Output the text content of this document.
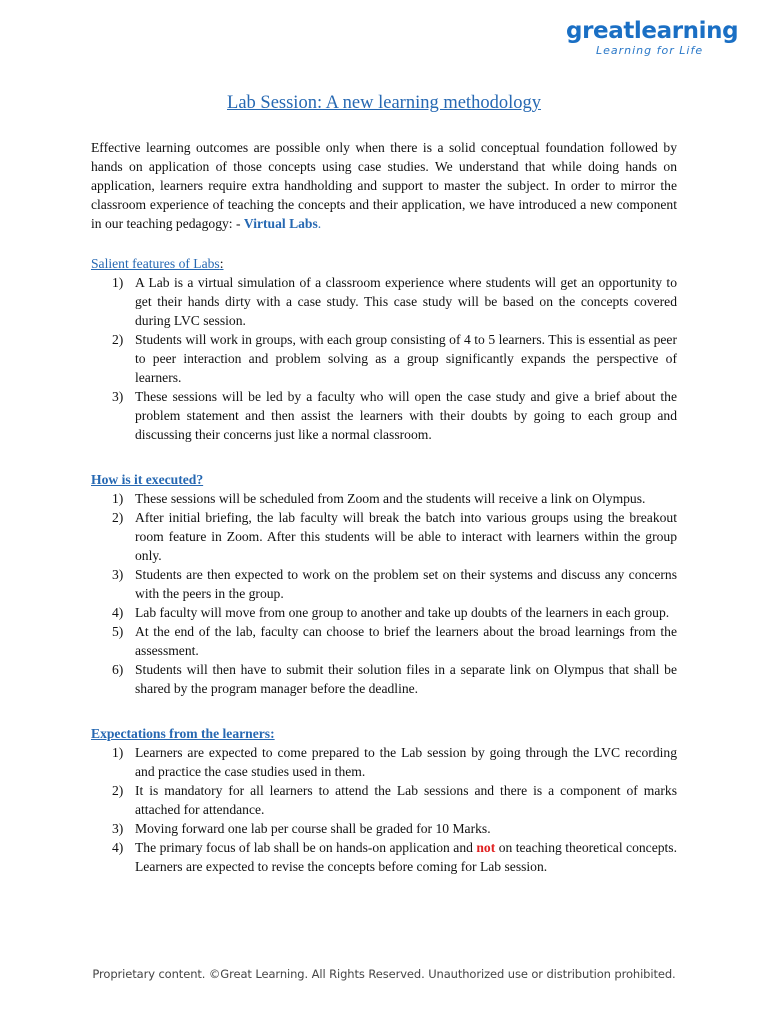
greatlearning
Learning for Life
Lab Session: A new learning methodology

Effective learning outcomes are possible only when there is a solid conceptual foundation followed by hands on application of those concepts using case studies. We understand that while doing hands on application, learners require extra handholding and support to master the subject. In order to mirror the classroom experience of teaching the concepts and their application, we have introduced a new component in our teaching pedagogy: - Virtual Labs.

Salient features of Labs:

1) A Lab is a virtual simulation of a classroom experience where students will get an opportunity to get their hands dirty with a case study. This case study will be based on the concepts covered during LVC session.
2) Students will work in groups, with each group consisting of 4 to 5 learners. This is essential as peer to peer interaction and problem solving as a group significantly expands the perspective of learners.
3) These sessions will be led by a faculty who will open the case study and give a brief about the problem statement and then assist the learners with their doubts by going to each group and discussing their concerns just like a normal classroom.

How is it executed?

1) These sessions will be scheduled from Zoom and the students will receive a link on Olympus.
2) After initial briefing, the lab faculty will break the batch into various groups using the breakout room feature in Zoom. After this students will be able to interact with learners within the group only.
3) Students are then expected to work on the problem set on their systems and discuss any concerns with the peers in the group.
4) Lab faculty will move from one group to another and take up doubts of the learners in each group.
5) At the end of the lab, faculty can choose to brief the learners about the broad learnings from the assessment.
6) Students will then have to submit their solution files in a separate link on Olympus that shall be shared by the program manager before the deadline.

Expectations from the learners:

1) Learners are expected to come prepared to the Lab session by going through the LVC recording and practice the case studies used in them.
2) It is mandatory for all learners to attend the Lab sessions and there is a component of marks attached for attendance.
3) Moving forward one lab per course shall be graded for 10 Marks.
4) The primary focus of lab shall be on hands-on application and not on teaching theoretical concepts. Learners are expected to revise the concepts before coming for Lab session.
Proprietary content. ©Great Learning. All Rights Reserved. Unauthorized use or distribution prohibited.
